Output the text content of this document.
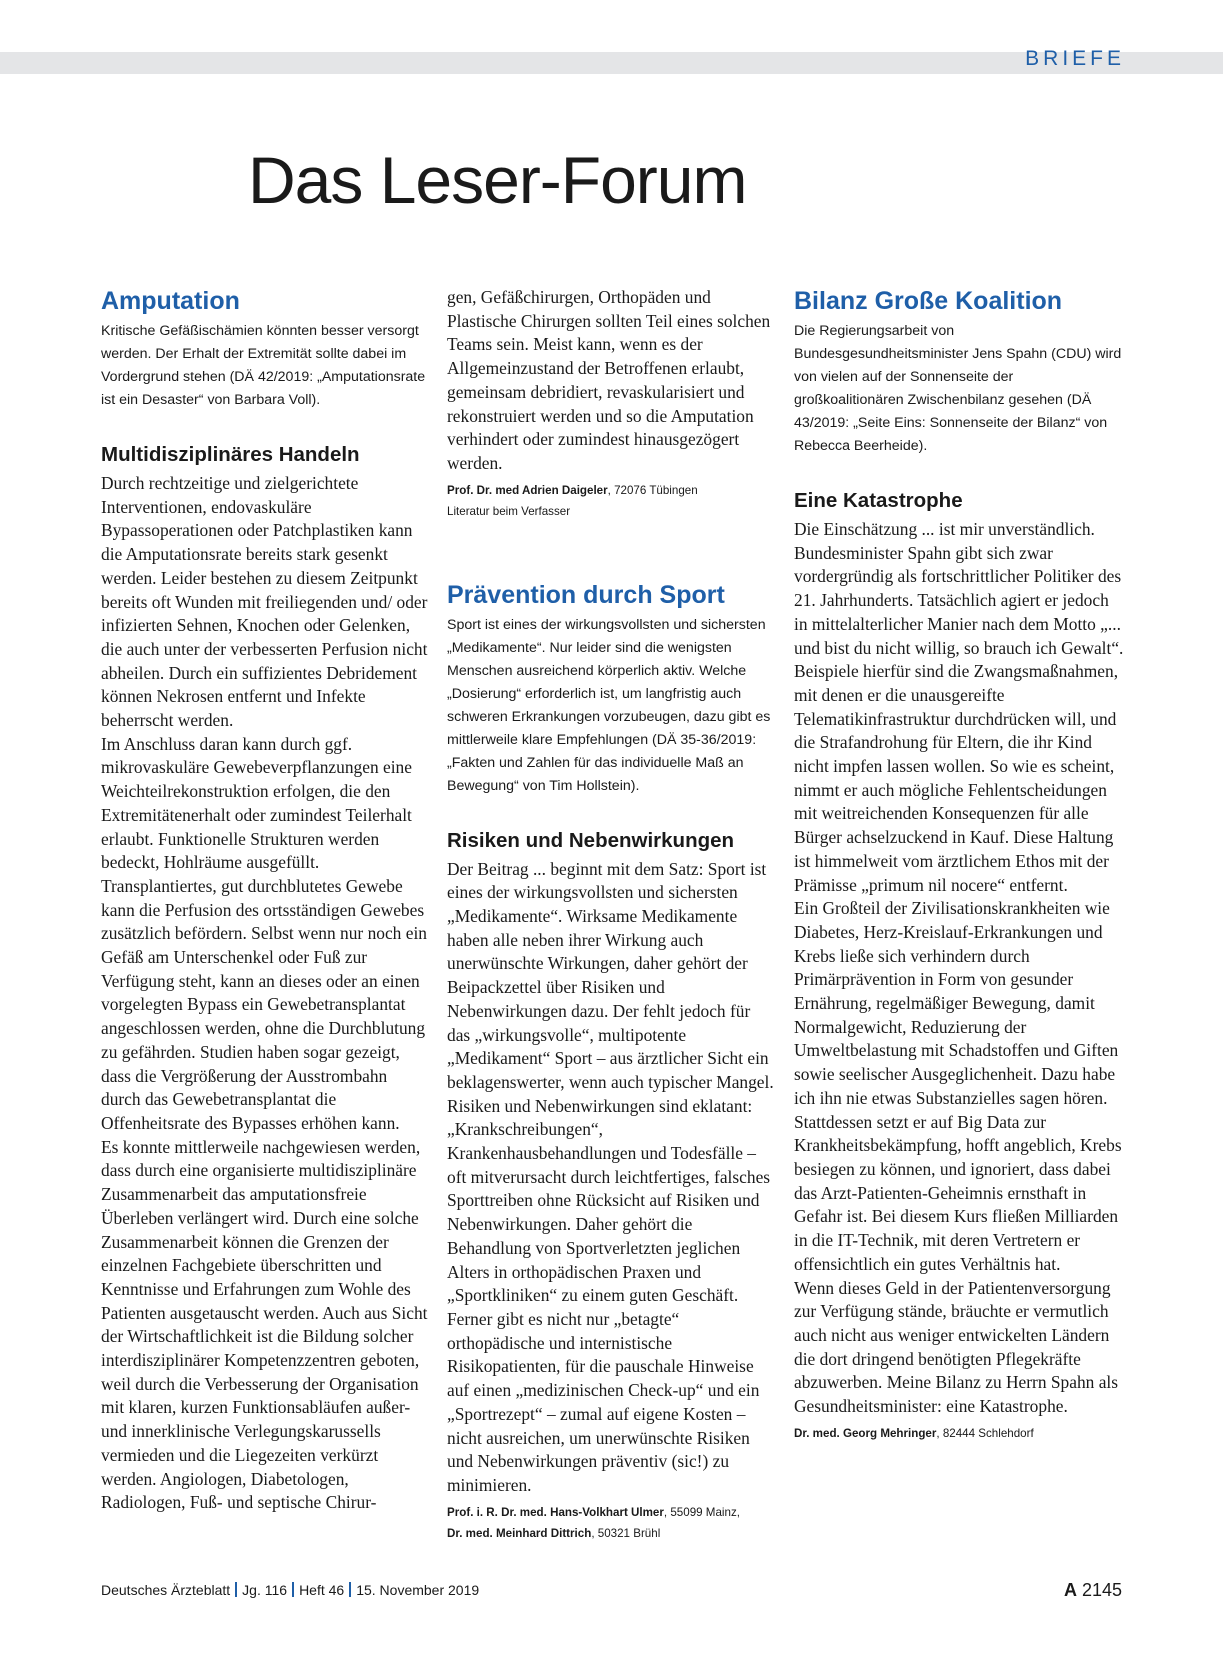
BRIEFE
Das Leser-Forum
Amputation

Kritische Gefäßischämien könnten besser versorgt werden. Der Erhalt der Extremität sollte dabei im Vordergrund stehen (DÄ 42/2019: „Amputationsrate ist ein Desaster“ von Barbara Voll).

Multidisziplinäres Handeln

Durch rechtzeitige und zielgerichtete Interventionen, endovaskuläre Bypassoperationen oder Patchplastiken kann die Amputationsrate bereits stark gesenkt werden. Leider bestehen zu diesem Zeitpunkt bereits oft Wunden mit freiliegenden und/ oder infizierten Sehnen, Knochen oder Gelenken, die auch unter der verbesserten Perfusion nicht abheilen. Durch ein suffizientes Debridement können Nekrosen entfernt und Infekte beherrscht werden.
Im Anschluss daran kann durch ggf. mikrovaskuläre Gewebeverpflanzungen eine Weichteilrekonstruktion erfolgen, die den Extremitätenerhalt oder zumindest Teilerhalt erlaubt. Funktionelle Strukturen werden bedeckt, Hohlräume ausgefüllt.
Transplantiertes, gut durchblutetes Gewebe kann die Perfusion des ortsständigen Gewebes zusätzlich befördern. Selbst wenn nur noch ein Gefäß am Unterschenkel oder Fuß zur Verfügung steht, kann an dieses oder an einen vorgelegten Bypass ein Gewebetransplantat angeschlossen werden, ohne die Durchblutung zu gefährden. Studien haben sogar gezeigt, dass die Vergrößerung der Ausstrombahn durch das Gewebetransplantat die Offenheitsrate des Bypasses erhöhen kann.
Es konnte mittlerweile nachgewiesen werden, dass durch eine organisierte multidisziplinäre Zusammenarbeit das amputationsfreie Überleben verlängert wird. Durch eine solche Zusammenarbeit können die Grenzen der einzelnen Fachgebiete überschritten und Kenntnisse und Erfahrungen zum Wohle des Patienten ausgetauscht werden. Auch aus Sicht der Wirtschaftlichkeit ist die Bildung solcher interdisziplinärer Kompetenzzentren geboten, weil durch die Verbesserung der Organisation mit klaren, kurzen Funktionsabläufen außer- und innerklinische Verlegungskarussells vermieden und die Liegezeiten verkürzt werden. Angiologen, Diabetologen, Radiologen, Fuß- und septische Chirur-

gen, Gefäßchirurgen, Orthopäden und Plastische Chirurgen sollten Teil eines solchen Teams sein. Meist kann, wenn es der Allgemeinzustand der Betroffenen erlaubt, gemeinsam debridiert, revaskularisiert und rekonstruiert werden und so die Amputation verhindert oder zumindest hinausgezögert werden.

Prof. Dr. med Adrien Daigeler, 72076 Tübingen

Literatur beim Verfasser

Prävention durch Sport

Sport ist eines der wirkungsvollsten und sichersten „Medikamente“. Nur leider sind die wenigsten Menschen ausreichend körperlich aktiv. Welche „Dosierung“ erforderlich ist, um langfristig auch schweren Erkrankungen vorzubeugen, dazu gibt es mittlerweile klare Empfehlungen (DÄ 35-36/2019: „Fakten und Zahlen für das individuelle Maß an Bewegung“ von Tim Hollstein).

Risiken und Nebenwirkungen

Der Beitrag ... beginnt mit dem Satz: Sport ist eines der wirkungsvollsten und sichersten „Medikamente“. Wirksame Medikamente haben alle neben ihrer Wirkung auch unerwünschte Wirkungen, daher gehört der Beipackzettel über Risiken und Nebenwirkungen dazu. Der fehlt jedoch für das „wirkungsvolle“, multipotente „Medikament“ Sport – aus ärztlicher Sicht ein beklagenswerter, wenn auch typischer Mangel. Risiken und Nebenwirkungen sind eklatant: „Krankschreibungen“, Krankenhausbehandlungen und Todesfälle – oft mitverursacht durch leichtfertiges, falsches Sporttreiben ohne Rücksicht auf Risiken und Nebenwirkungen. Daher gehört die Behandlung von Sportverletzten jeglichen Alters in orthopädischen Praxen und „Sportkliniken“ zu einem guten Geschäft. Ferner gibt es nicht nur „betagte“ orthopädische und internistische Risikopatienten, für die pauschale Hinweise auf einen „medizinischen Check-up“ und ein „Sportrezept“ – zumal auf eigene Kosten – nicht ausreichen, um unerwünschte Risiken und Nebenwirkungen präventiv (sic!) zu minimieren.

Prof. i. R. Dr. med. Hans-Volkhart Ulmer, 55099 Mainz,
Dr. med. Meinhard Dittrich, 50321 Brühl

Bilanz Große Koalition

Die Regierungsarbeit von Bundesgesundheitsminister Jens Spahn (CDU) wird von vielen auf der Sonnenseite der großkoalitionären Zwischenbilanz gesehen (DÄ 43/2019: „Seite Eins: Sonnenseite der Bilanz“ von Rebecca Beerheide).

Eine Katastrophe

Die Einschätzung ... ist mir unverständlich. Bundesminister Spahn gibt sich zwar vordergründig als fortschrittlicher Politiker des 21. Jahrhunderts. Tatsächlich agiert er jedoch in mittelalterlicher Manier nach dem Motto „... und bist du nicht willig, so brauch ich Gewalt“.
Beispiele hierfür sind die Zwangsmaßnahmen, mit denen er die unausgereifte Telematikinfrastruktur durchdrücken will, und die Strafandrohung für Eltern, die ihr Kind nicht impfen lassen wollen. So wie es scheint, nimmt er auch mögliche Fehlentscheidungen mit weitreichenden Konsequenzen für alle Bürger achselzuckend in Kauf. Diese Haltung ist himmelweit vom ärztlichem Ethos mit der Prämisse „primum nil nocere“ entfernt.
Ein Großteil der Zivilisationskrankheiten wie Diabetes, Herz-Kreislauf-Erkrankungen und Krebs ließe sich verhindern durch Primärprävention in Form von gesunder Ernährung, regelmäßiger Bewegung, damit Normalgewicht, Reduzierung der Umweltbelastung mit Schadstoffen und Giften sowie seelischer Ausgeglichenheit. Dazu habe ich ihn nie etwas Substanzielles sagen hören.
Stattdessen setzt er auf Big Data zur Krankheitsbekämpfung, hofft angeblich, Krebs besiegen zu können, und ignoriert, dass dabei das Arzt-Patienten-Geheimnis ernsthaft in Gefahr ist. Bei diesem Kurs fließen Milliarden in die IT-Technik, mit deren Vertretern er offensichtlich ein gutes Verhältnis hat.
Wenn dieses Geld in der Patientenversorgung zur Verfügung stände, bräuchte er vermutlich auch nicht aus weniger entwickelten Ländern die dort dringend benötigten Pflegekräfte abzuwerben. Meine Bilanz zu Herrn Spahn als Gesundheitsminister: eine Katastrophe.

Dr. med. Georg Mehringer, 82444 Schlehdorf

Deutsches Ärzteblatt Jg. 116 Heft 46 15. November 2019	A 2145
